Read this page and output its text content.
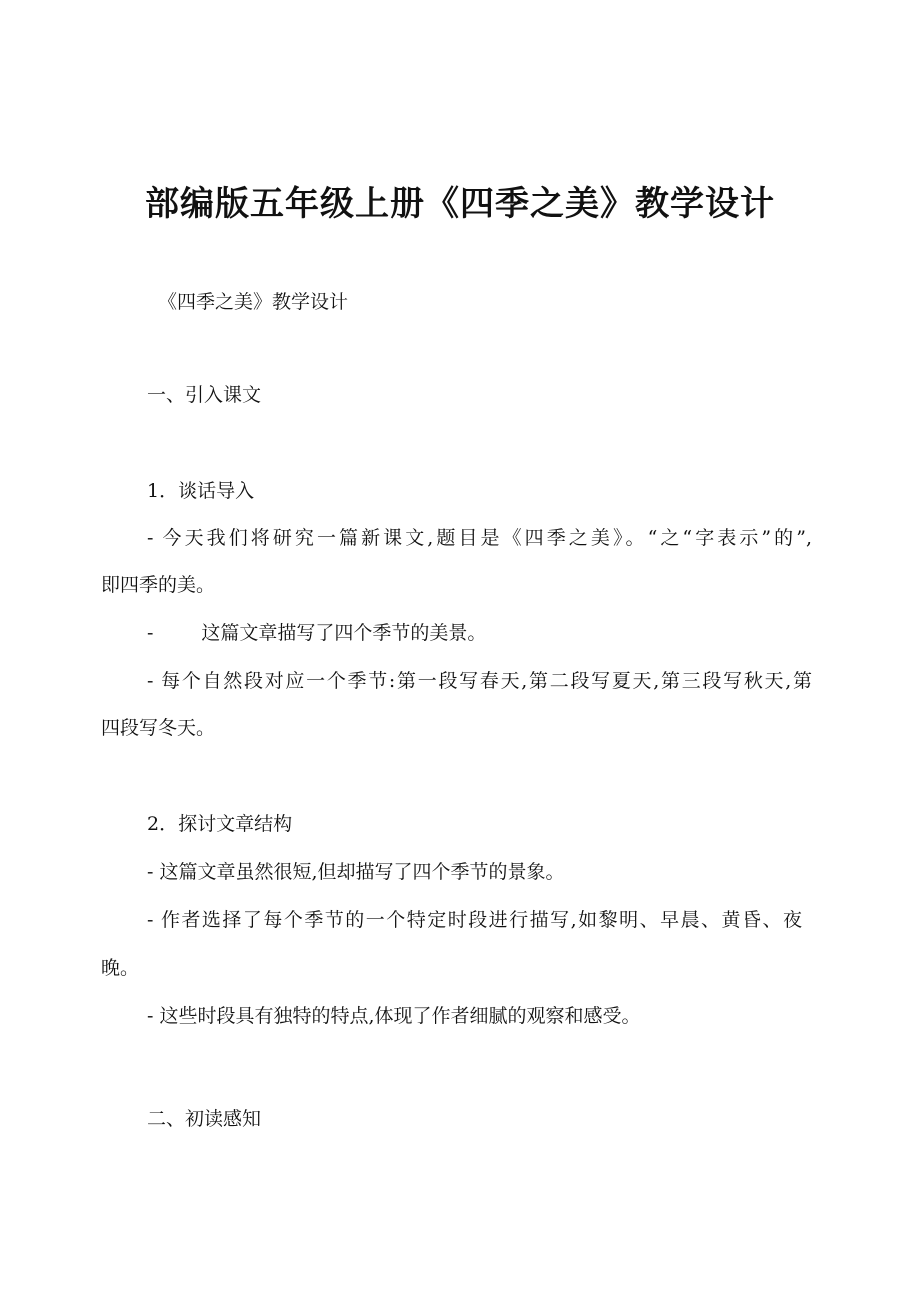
部编版五年级上册《四季之美》教学设计
《四季之美》教学设计
一、引入课文
1．谈话导入
- 今天我们将研究一篇新课文,题目是《四季之美》。“之“字表示”的”,
即四季的美。
-	这篇文章描写了四个季节的美景。
- 每个自然段对应一个季节:第一段写春天,第二段写夏天,第三段写秋天,第
四段写冬天。
2．探讨文章结构
- 这篇文章虽然很短,但却描写了四个季节的景象。
- 作者选择了每个季节的一个特定时段进行描写,如黎明、早晨、黄昏、夜
晚。
- 这些时段具有独特的特点,体现了作者细腻的观察和感受。
二、初读感知
